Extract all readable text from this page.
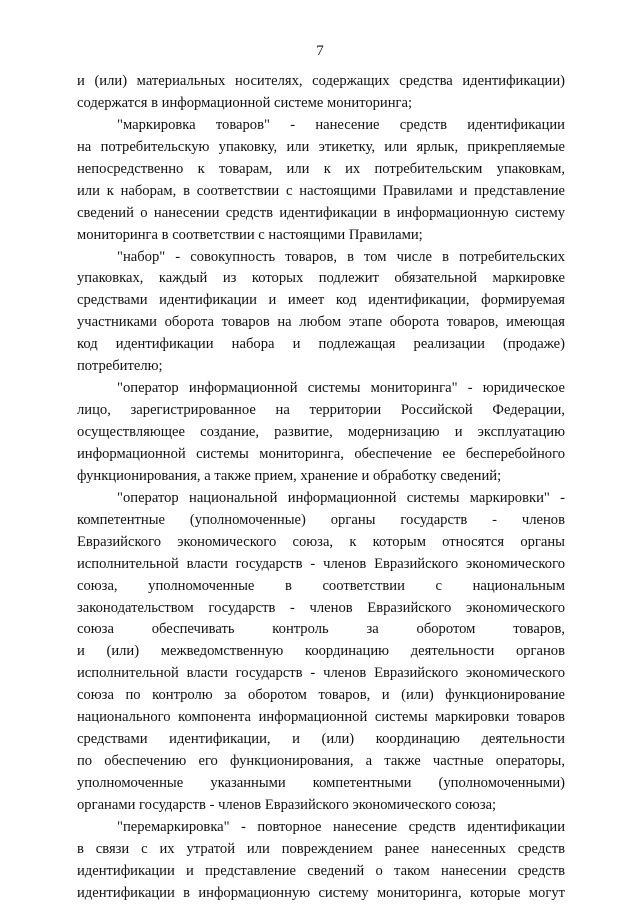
7
и (или) материальных носителях, содержащих средства идентификации)
содержатся в информационной системе мониторинга;
"маркировка товаров" - нанесение средств идентификации
на потребительскую упаковку, или этикетку, или ярлык, прикрепляемые
непосредственно к товарам, или к их потребительским упаковкам,
или к наборам, в соответствии с настоящими Правилами и представление
сведений о нанесении средств идентификации в информационную систему
мониторинга в соответствии с настоящими Правилами;
"набор" - совокупность товаров, в том числе в потребительских
упаковках, каждый из которых подлежит обязательной маркировке
средствами идентификации и имеет код идентификации, формируемая
участниками оборота товаров на любом этапе оборота товаров, имеющая
код идентификации набора и подлежащая реализации (продаже)
потребителю;
"оператор информационной системы мониторинга" - юридическое
лицо, зарегистрированное на территории Российской Федерации,
осуществляющее создание, развитие, модернизацию и эксплуатацию
информационной системы мониторинга, обеспечение ее бесперебойного
функционирования, а также прием, хранение и обработку сведений;
"оператор национальной информационной системы маркировки" -
компетентные (уполномоченные) органы государств - членов
Евразийского экономического союза, к которым относятся органы
исполнительной власти государств - членов Евразийского экономического
союза, уполномоченные в соответствии с национальным
законодательством государств - членов Евразийского экономического
союза обеспечивать контроль за оборотом товаров,
и (или) межведомственную координацию деятельности органов
исполнительной власти государств - членов Евразийского экономического
союза по контролю за оборотом товаров, и (или) функционирование
национального компонента информационной системы маркировки товаров
средствами идентификации, и (или) координацию деятельности
по обеспечению его функционирования, а также частные операторы,
уполномоченные указанными компетентными (уполномоченными)
органами государств - членов Евразийского экономического союза;
"перемаркировка" - повторное нанесение средств идентификации
в связи с их утратой или повреждением ранее нанесенных средств
идентификации и представление сведений о таком нанесении средств
идентификации в информационную систему мониторинга, которые могут
